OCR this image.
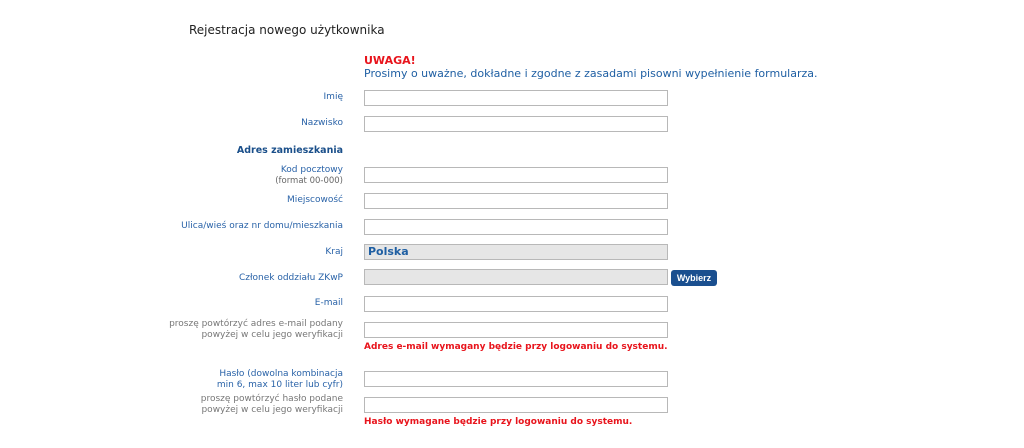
Rejestracja nowego użytkownika
UWAGA!
Prosimy o uważne, dokładne i zgodne z zasadami pisowni wypełnienie formularza.
Imię
Nazwisko
Adres zamieszkania
Kod pocztowy
(format 00-000)
Miejscowość
Ulica/wieś oraz nr domu/mieszkania
Kraj	Polska
Członek oddziału ZKwP	Wybierz
E-mail
proszę powtórzyć adres e-mail podany
powyżej w celu jego weryfikacji
Adres e-mail wymagany będzie przy logowaniu do systemu.
Hasło (dowolna kombinacja
min 6, max 10 liter lub cyfr)
proszę powtórzyć hasło podane
powyżej w celu jego weryfikacji
Hasło wymagane będzie przy logowaniu do systemu.
